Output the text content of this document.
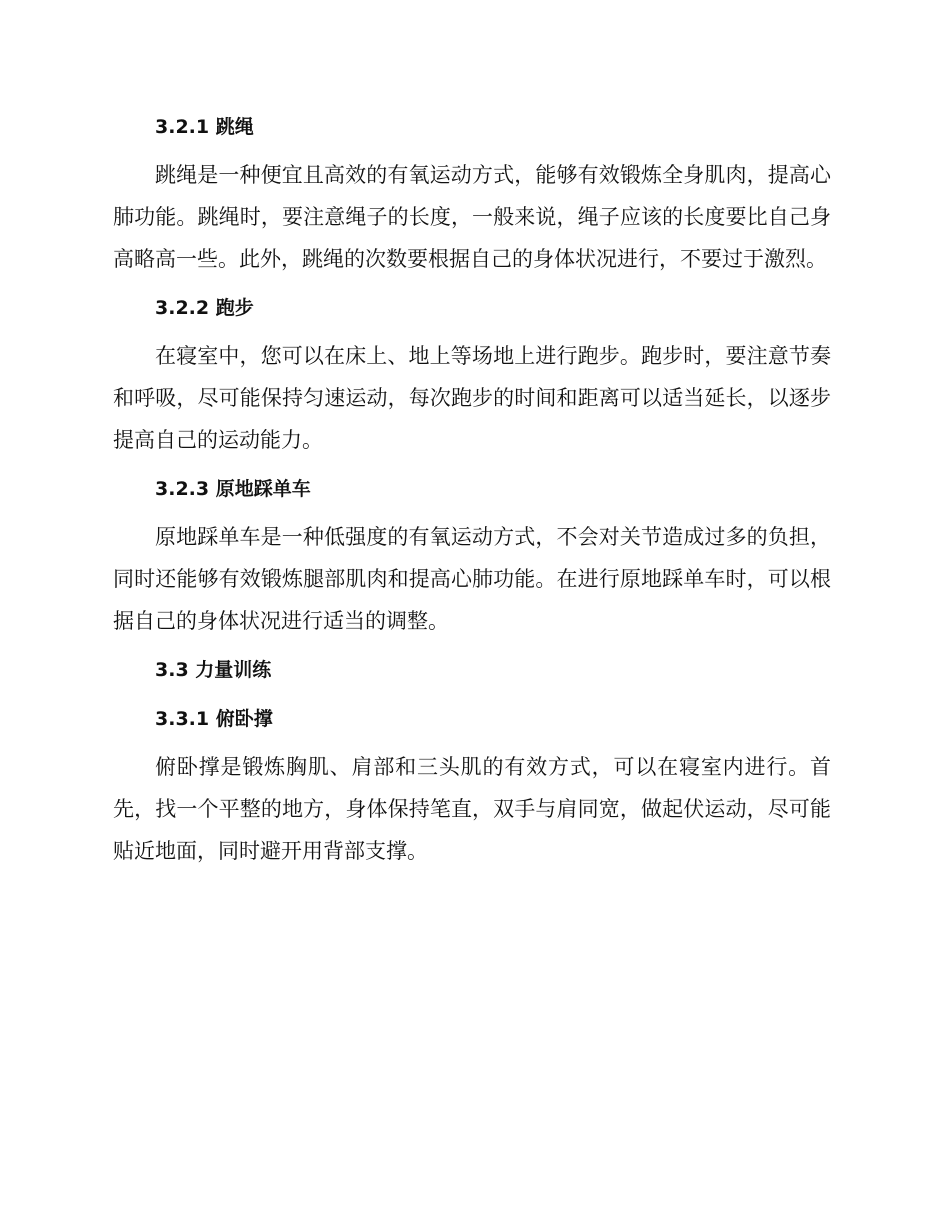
3.2.1 跳绳

跳绳是一种便宜且高效的有氧运动方式，能够有效锻炼全身肌肉，提高心肺功能。跳绳时，要注意绳子的长度，一般来说，绳子应该的长度要比自己身高略高一些。此外，跳绳的次数要根据自己的身体状况进行，不要过于激烈。

3.2.2 跑步

在寝室中，您可以在床上、地上等场地上进行跑步。跑步时，要注意节奏和呼吸，尽可能保持匀速运动，每次跑步的时间和距离可以适当延长，以逐步提高自己的运动能力。

3.2.3 原地踩单车

原地踩单车是一种低强度的有氧运动方式，不会对关节造成过多的负担，同时还能够有效锻炼腿部肌肉和提高心肺功能。在进行原地踩单车时，可以根据自己的身体状况进行适当的调整。

3.3 力量训练
3.3.1 俯卧撑

俯卧撑是锻炼胸肌、肩部和三头肌的有效方式，可以在寝室内进行。首先，找一个平整的地方，身体保持笔直，双手与肩同宽，做起伏运动，尽可能贴近地面，同时避开用背部支撑。
